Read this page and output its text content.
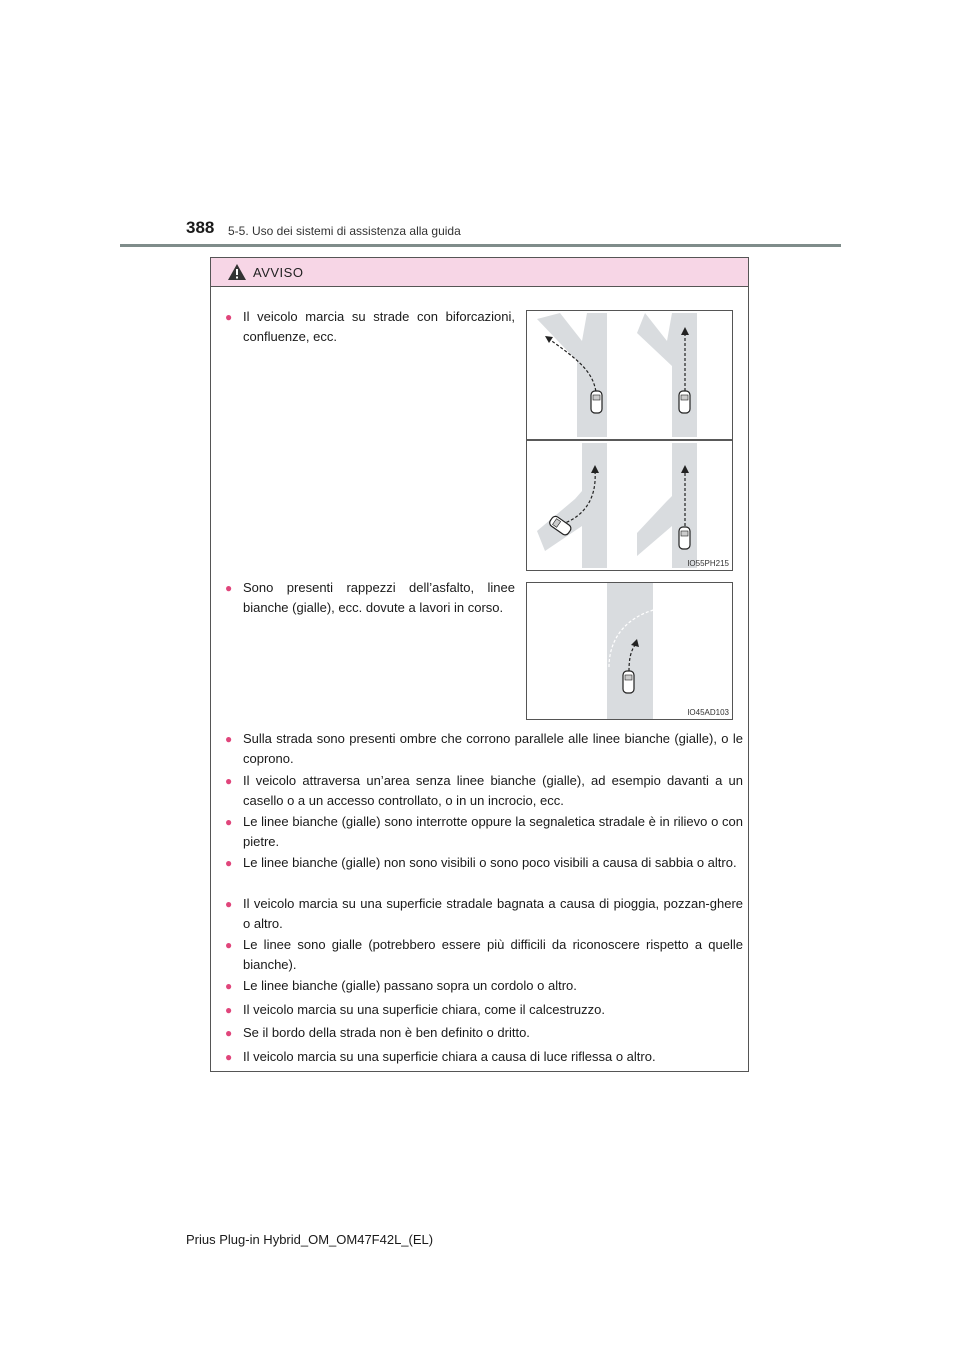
388 5-5. Uso dei sistemi di assistenza alla guida
AVVISO
● Il veicolo marcia su strade con biforcazioni, confluenze, ecc.
IO55PH215
● Sono presenti rappezzi dell’asfalto, linee bianche (gialle), ecc. dovute a lavori in corso.
IO45AD103
● Sulla strada sono presenti ombre che corrono parallele alle linee bianche (gialle), o le coprono.
● Il veicolo attraversa un’area senza linee bianche (gialle), ad esempio davanti a un casello o a un accesso controllato, o in un incrocio, ecc.
● Le linee bianche (gialle) sono interrotte oppure la segnaletica stradale è in rilievo o con pietre.
● Le linee bianche (gialle) non sono visibili o sono poco visibili a causa di sabbia o altro.
● Il veicolo marcia su una superficie stradale bagnata a causa di pioggia, pozzan-ghere o altro.
● Le linee sono gialle (potrebbero essere più difficili da riconoscere rispetto a quelle bianche).
● Le linee bianche (gialle) passano sopra un cordolo o altro.
● Il veicolo marcia su una superficie chiara, come il calcestruzzo.
● Se il bordo della strada non è ben definito o dritto.
● Il veicolo marcia su una superficie chiara a causa di luce riflessa o altro.
Prius Plug-in Hybrid_OM_OM47F42L_(EL)
